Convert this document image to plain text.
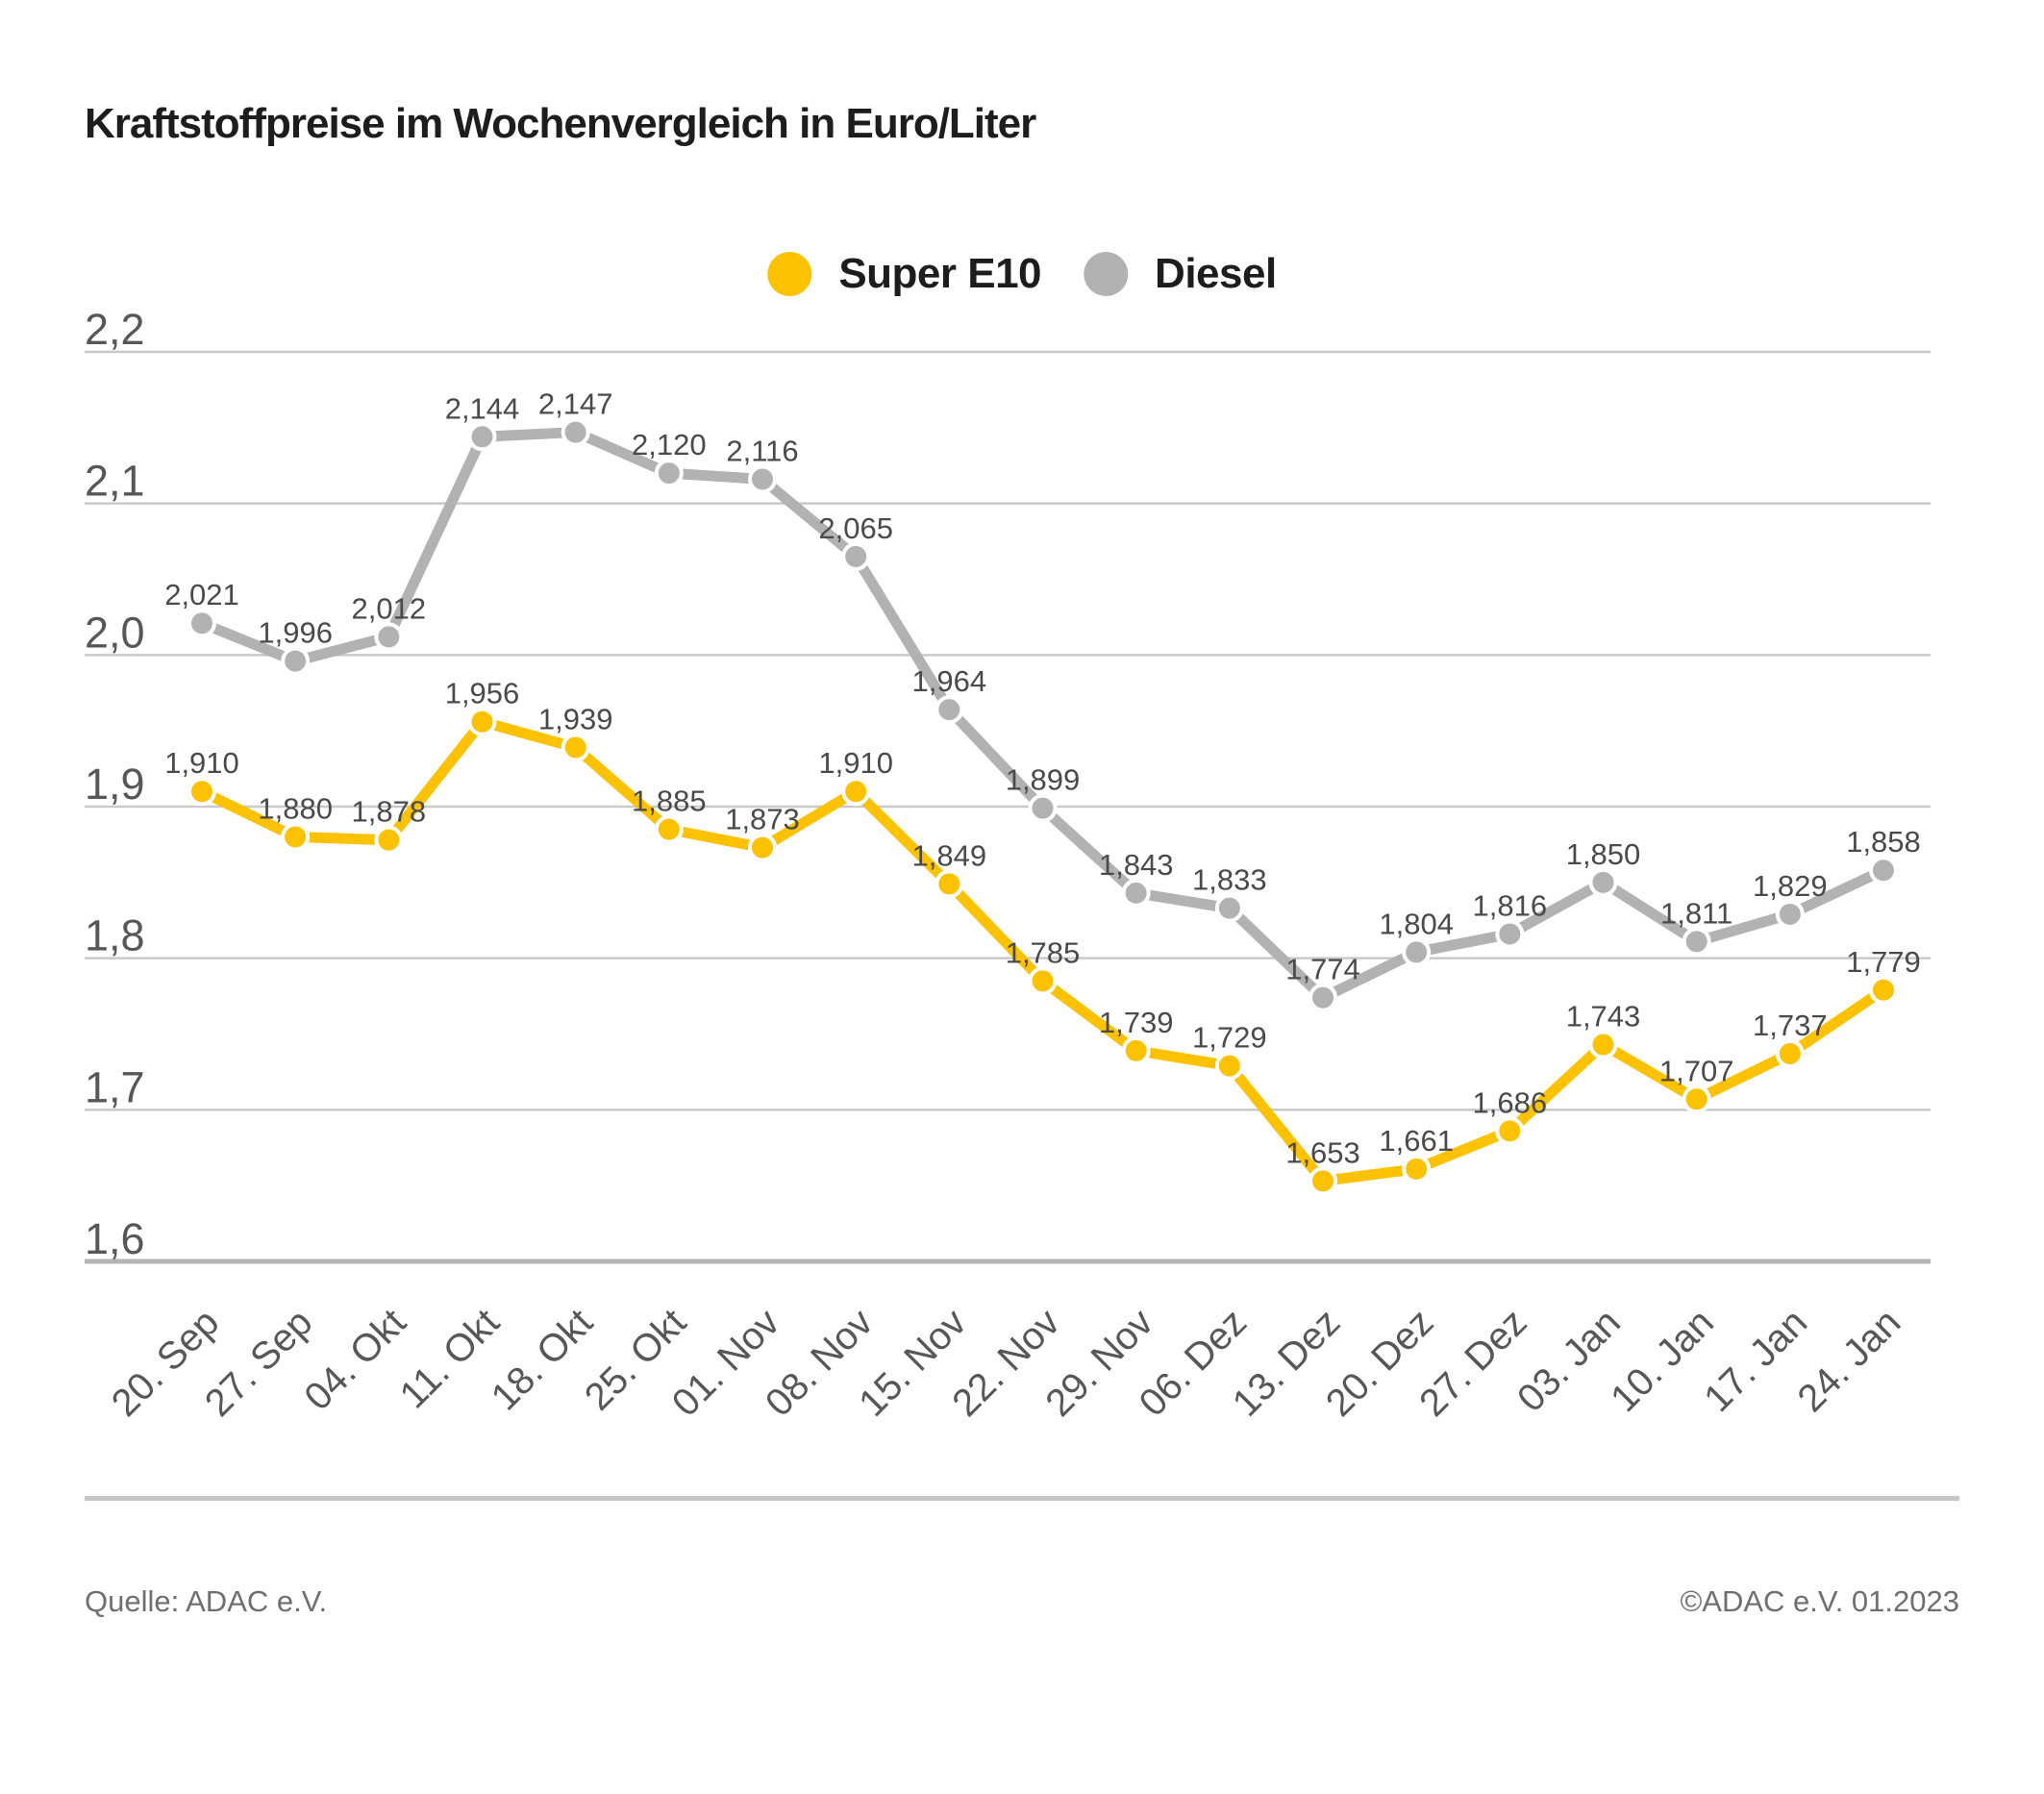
Kraftstoffpreise im Wochenvergleich in Euro/Liter
Super E10	Diesel
2,2
2,1
2,0
1,9
1,8
1,7
1,6
20. Sep
27. Sep
04. Okt
11. Okt
18. Okt
25. Okt
01. Nov
08. Nov
15. Nov
22. Nov
29. Nov
06. Dez
13. Dez
20. Dez
27. Dez
03. Jan
10. Jan
17. Jan
24. Jan
2,021
1,996
2,012
2,144 2,147
2,120 2,116
2,065
1,964
1,899
1,843 1,833
1,774
1,804
1,816
1,850
1,811
1,829
1,858
1,910
1,880 1,878
1,956
1,939
1,885
1,873
1,910
1,849
1,785
1,739 1,729
1,653 1,661
1,686
1,743
1,707
1,737
1,779
Quelle: ADAC e.V.	©ADAC e.V. 01.2023
